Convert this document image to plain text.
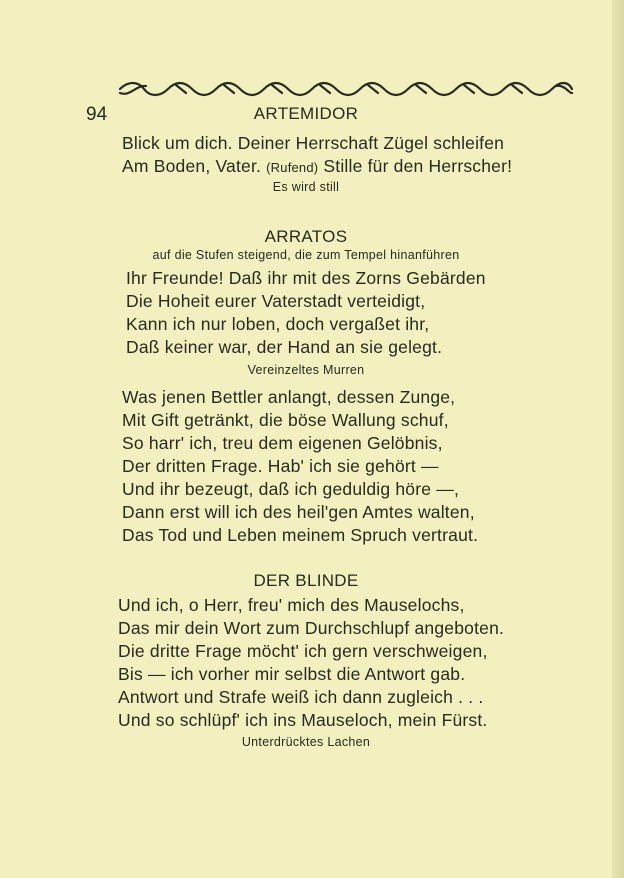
94	ARTEMIDOR
Blick um dich. Deiner Herrschaft Zügel schleifen
Am Boden, Vater. (Rufend) Stille für den Herrscher!
Es wird still
ARRATOS
auf die Stufen steigend, die zum Tempel hinanführen
Ihr Freunde! Daß ihr mit des Zorns Gebärden
Die Hoheit eurer Vaterstadt verteidigt,
Kann ich nur loben, doch vergaßet ihr,
Daß keiner war, der Hand an sie gelegt.
Vereinzeltes Murren
Was jenen Bettler anlangt, dessen Zunge,
Mit Gift getränkt, die böse Wallung schuf,
So harr' ich, treu dem eigenen Gelöbnis,
Der dritten Frage. Hab' ich sie gehört —
Und ihr bezeugt, daß ich geduldig höre —,
Dann erst will ich des heil'gen Amtes walten,
Das Tod und Leben meinem Spruch vertraut.
DER BLINDE
Und ich, o Herr, freu' mich des Mauselochs,
Das mir dein Wort zum Durchschlupf angeboten.
Die dritte Frage möcht' ich gern verschweigen,
Bis — ich vorher mir selbst die Antwort gab.
Antwort und Strafe weiß ich dann zugleich . . .
Und so schlüpf' ich ins Mauseloch, mein Fürst.
Unterdrücktes Lachen
